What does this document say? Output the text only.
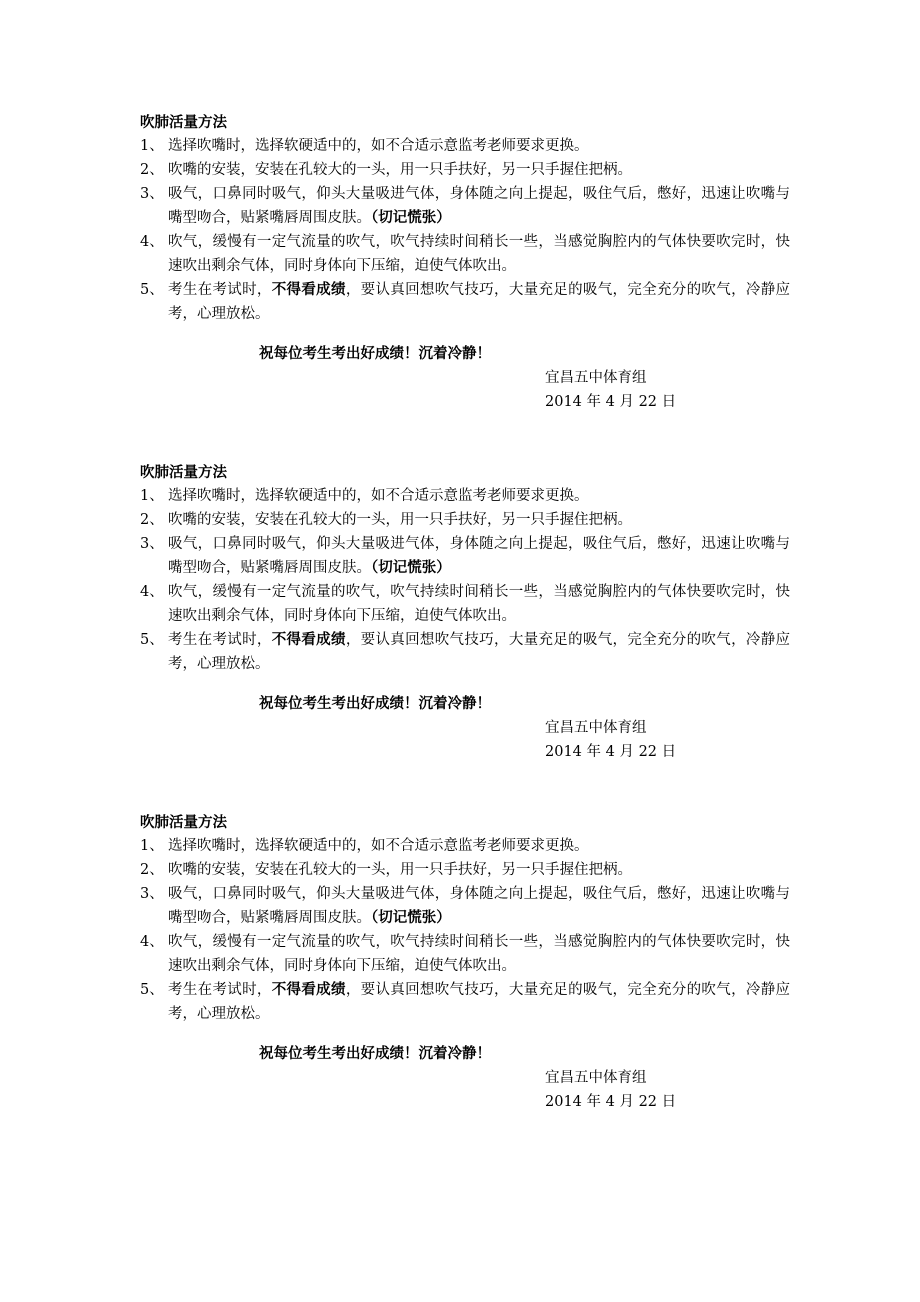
吹肺活量方法
1、 选择吹嘴时，选择软硬适中的，如不合适示意监考老师要求更换。
2、 吹嘴的安装，安装在孔较大的一头，用一只手扶好，另一只手握住把柄。
3、 吸气，口鼻同时吸气，仰头大量吸进气体，身体随之向上提起，吸住气后，憋好，迅速让吹嘴与嘴型吻合，贴紧嘴唇周围皮肤。（切记慌张）
4、 吹气，缓慢有一定气流量的吹气，吹气持续时间稍长一些，当感觉胸腔内的气体快要吹完时，快速吹出剩余气体，同时身体向下压缩，迫使气体吹出。
5、 考生在考试时，不得看成绩，要认真回想吹气技巧，大量充足的吸气，完全充分的吹气，冷静应考，心理放松。
祝每位考生考出好成绩！沉着冷静！
宜昌五中体育组
2014 年 4 月 22 日
吹肺活量方法
1、 选择吹嘴时，选择软硬适中的，如不合适示意监考老师要求更换。
2、 吹嘴的安装，安装在孔较大的一头，用一只手扶好，另一只手握住把柄。
3、 吸气，口鼻同时吸气，仰头大量吸进气体，身体随之向上提起，吸住气后，憋好，迅速让吹嘴与嘴型吻合，贴紧嘴唇周围皮肤。（切记慌张）
4、 吹气，缓慢有一定气流量的吹气，吹气持续时间稍长一些，当感觉胸腔内的气体快要吹完时，快速吹出剩余气体，同时身体向下压缩，迫使气体吹出。
5、 考生在考试时，不得看成绩，要认真回想吹气技巧，大量充足的吸气，完全充分的吹气，冷静应考，心理放松。
祝每位考生考出好成绩！沉着冷静！
宜昌五中体育组
2014 年 4 月 22 日
吹肺活量方法
1、 选择吹嘴时，选择软硬适中的，如不合适示意监考老师要求更换。
2、 吹嘴的安装，安装在孔较大的一头，用一只手扶好，另一只手握住把柄。
3、 吸气，口鼻同时吸气，仰头大量吸进气体，身体随之向上提起，吸住气后，憋好，迅速让吹嘴与嘴型吻合，贴紧嘴唇周围皮肤。（切记慌张）
4、 吹气，缓慢有一定气流量的吹气，吹气持续时间稍长一些，当感觉胸腔内的气体快要吹完时，快速吹出剩余气体，同时身体向下压缩，迫使气体吹出。
5、 考生在考试时，不得看成绩，要认真回想吹气技巧，大量充足的吸气，完全充分的吹气，冷静应考，心理放松。
祝每位考生考出好成绩！沉着冷静！
宜昌五中体育组
2014 年 4 月 22 日
